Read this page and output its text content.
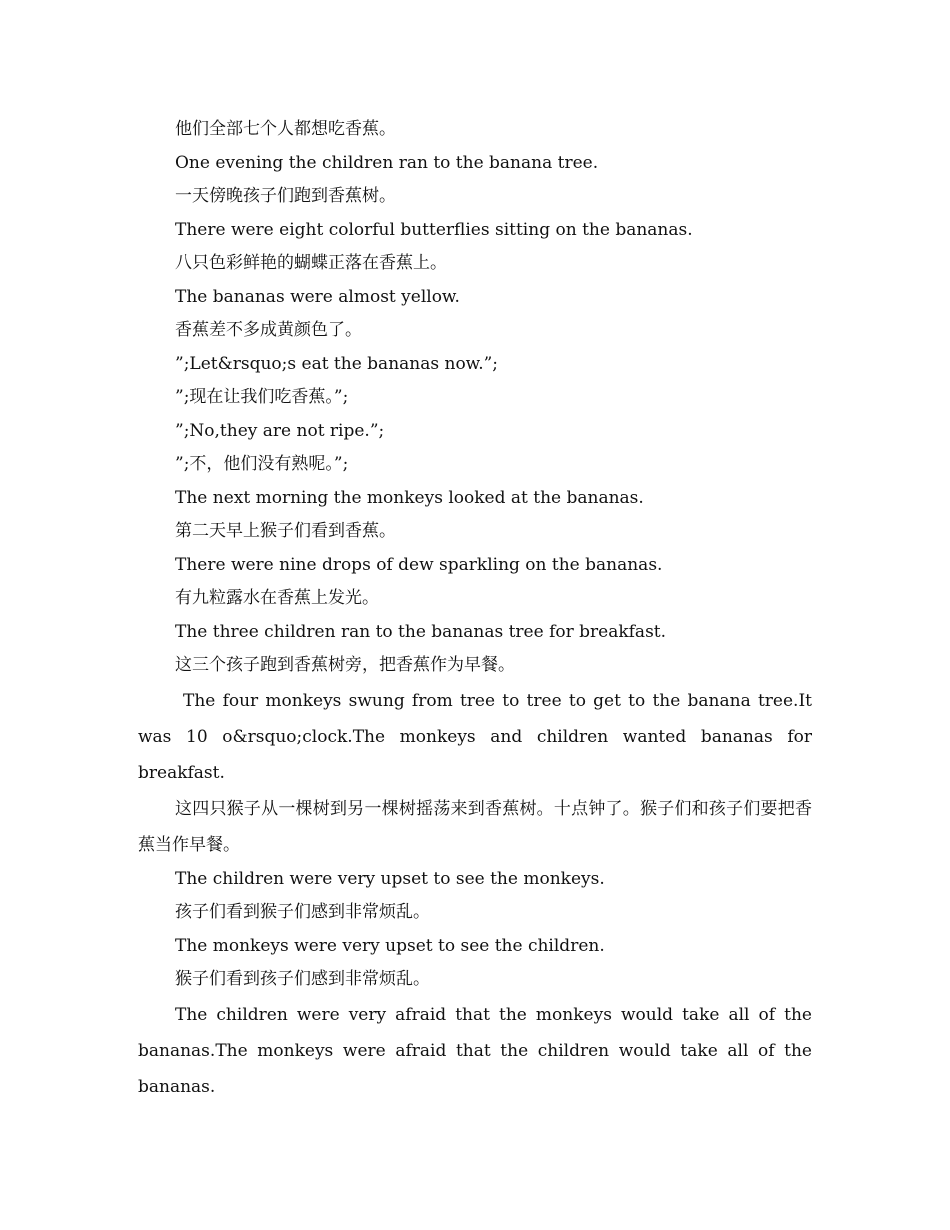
他们全部七个人都想吃香蕉。

One evening the children ran to the banana tree.

一天傍晚孩子们跑到香蕉树。

There were eight colorful butterflies sitting on the bananas.

八只色彩鲜艳的蝴蝶正落在香蕉上。

The bananas were almost yellow.

香蕉差不多成黄颜色了。

”;Let&rsquo;s eat the bananas now.”;

”;现在让我们吃香蕉。”;

”;No,they are not ripe.”;

”;不，他们没有熟呢。”;

The next morning the monkeys looked at the bananas.

第二天早上猴子们看到香蕉。

There were nine drops of dew sparkling on the bananas.

有九粒露水在香蕉上发光。

The three children ran to the bananas tree for breakfast.

这三个孩子跑到香蕉树旁，把香蕉作为早餐。

The four monkeys swung from tree to tree to get to the banana tree.It was 10 o&rsquo;clock.The monkeys and children wanted bananas for breakfast.

这四只猴子从一棵树到另一棵树摇荡来到香蕉树。十点钟了。猴子们和孩子们要把香蕉当作早餐。

The children were very upset to see the monkeys.

孩子们看到猴子们感到非常烦乱。

The monkeys were very upset to see the children.

猴子们看到孩子们感到非常烦乱。

The children were very afraid that the monkeys would take all of the bananas.The monkeys were afraid that the children would take all of the bananas.
